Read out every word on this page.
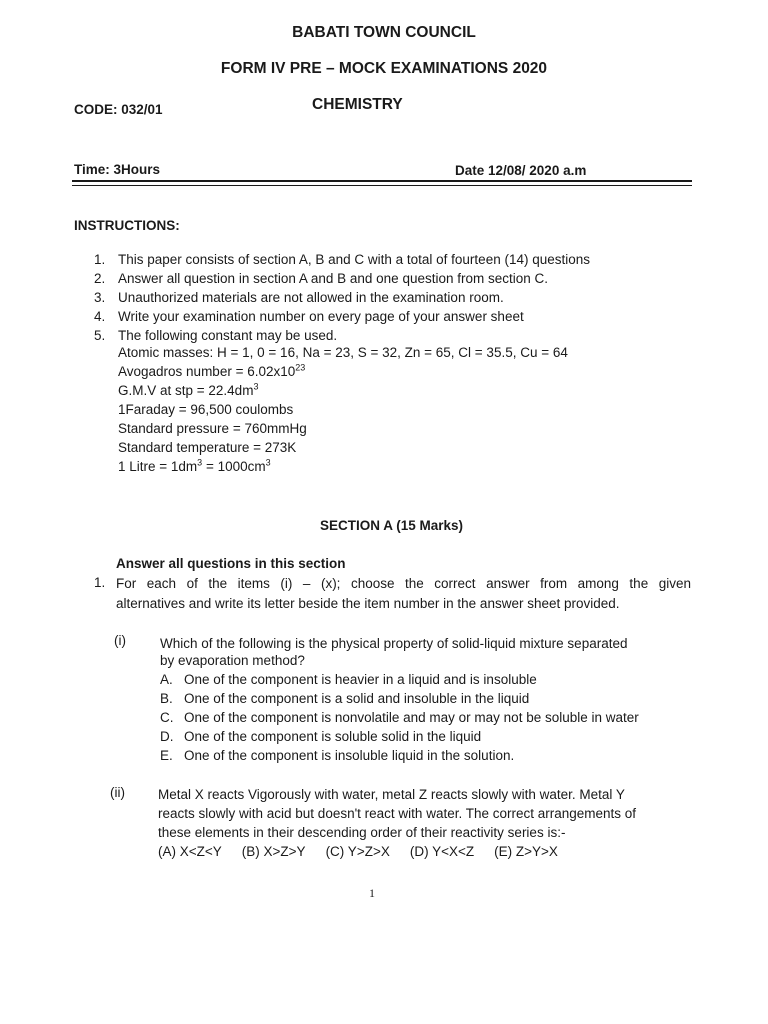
BABATI TOWN COUNCIL
FORM IV PRE – MOCK EXAMINATIONS 2020
CODE: 032/01	CHEMISTRY
Time: 3Hours	Date 12/08/ 2020 a.m
INSTRUCTIONS:
1. This paper consists of section A, B and C with a total of fourteen (14) questions
2. Answer all question in section A and B and one question from section C.
3. Unauthorized materials are not allowed in the examination room.
4. Write your examination number on every page of your answer sheet
5. The following constant may be used.
Atomic masses: H = 1, 0 = 16, Na = 23, S = 32, Zn = 65, Cl = 35.5, Cu = 64
Avogadros number = $6.02x10^{23}$
G.M.V at stp = $22.4dm^3$
1Faraday = 96,500 coulombs
Standard pressure = 760mmHg
Standard temperature = 273K
1 Litre = $1dm^3 = 1000cm^3$
SECTION A (15 Marks)
Answer all questions in this section
1. For each of the items (i) – (x); choose the correct answer from among the given
alternatives and write its letter beside the item number in the answer sheet provided.
(i)	Which of the following is the physical property of solid-liquid mixture separated
by evaporation method?
A. One of the component is heavier in a liquid and is insoluble
B. One of the component is a solid and insoluble in the liquid
C. One of the component is nonvolatile and may or may not be soluble in water
D. One of the component is soluble solid in the liquid
E. One of the component is insoluble liquid in the solution.
(ii) Metal X reacts Vigorously with water, metal Z reacts slowly with water. Metal Y
reacts slowly with acid but doesn't react with water. The correct arrangements of
these elements in their descending order of their reactivity series is:-
(A) X<Z<Y (B) X>Z>Y (C) Y>Z>X (D) Y<X<Z (E) Z>Y>X
1
